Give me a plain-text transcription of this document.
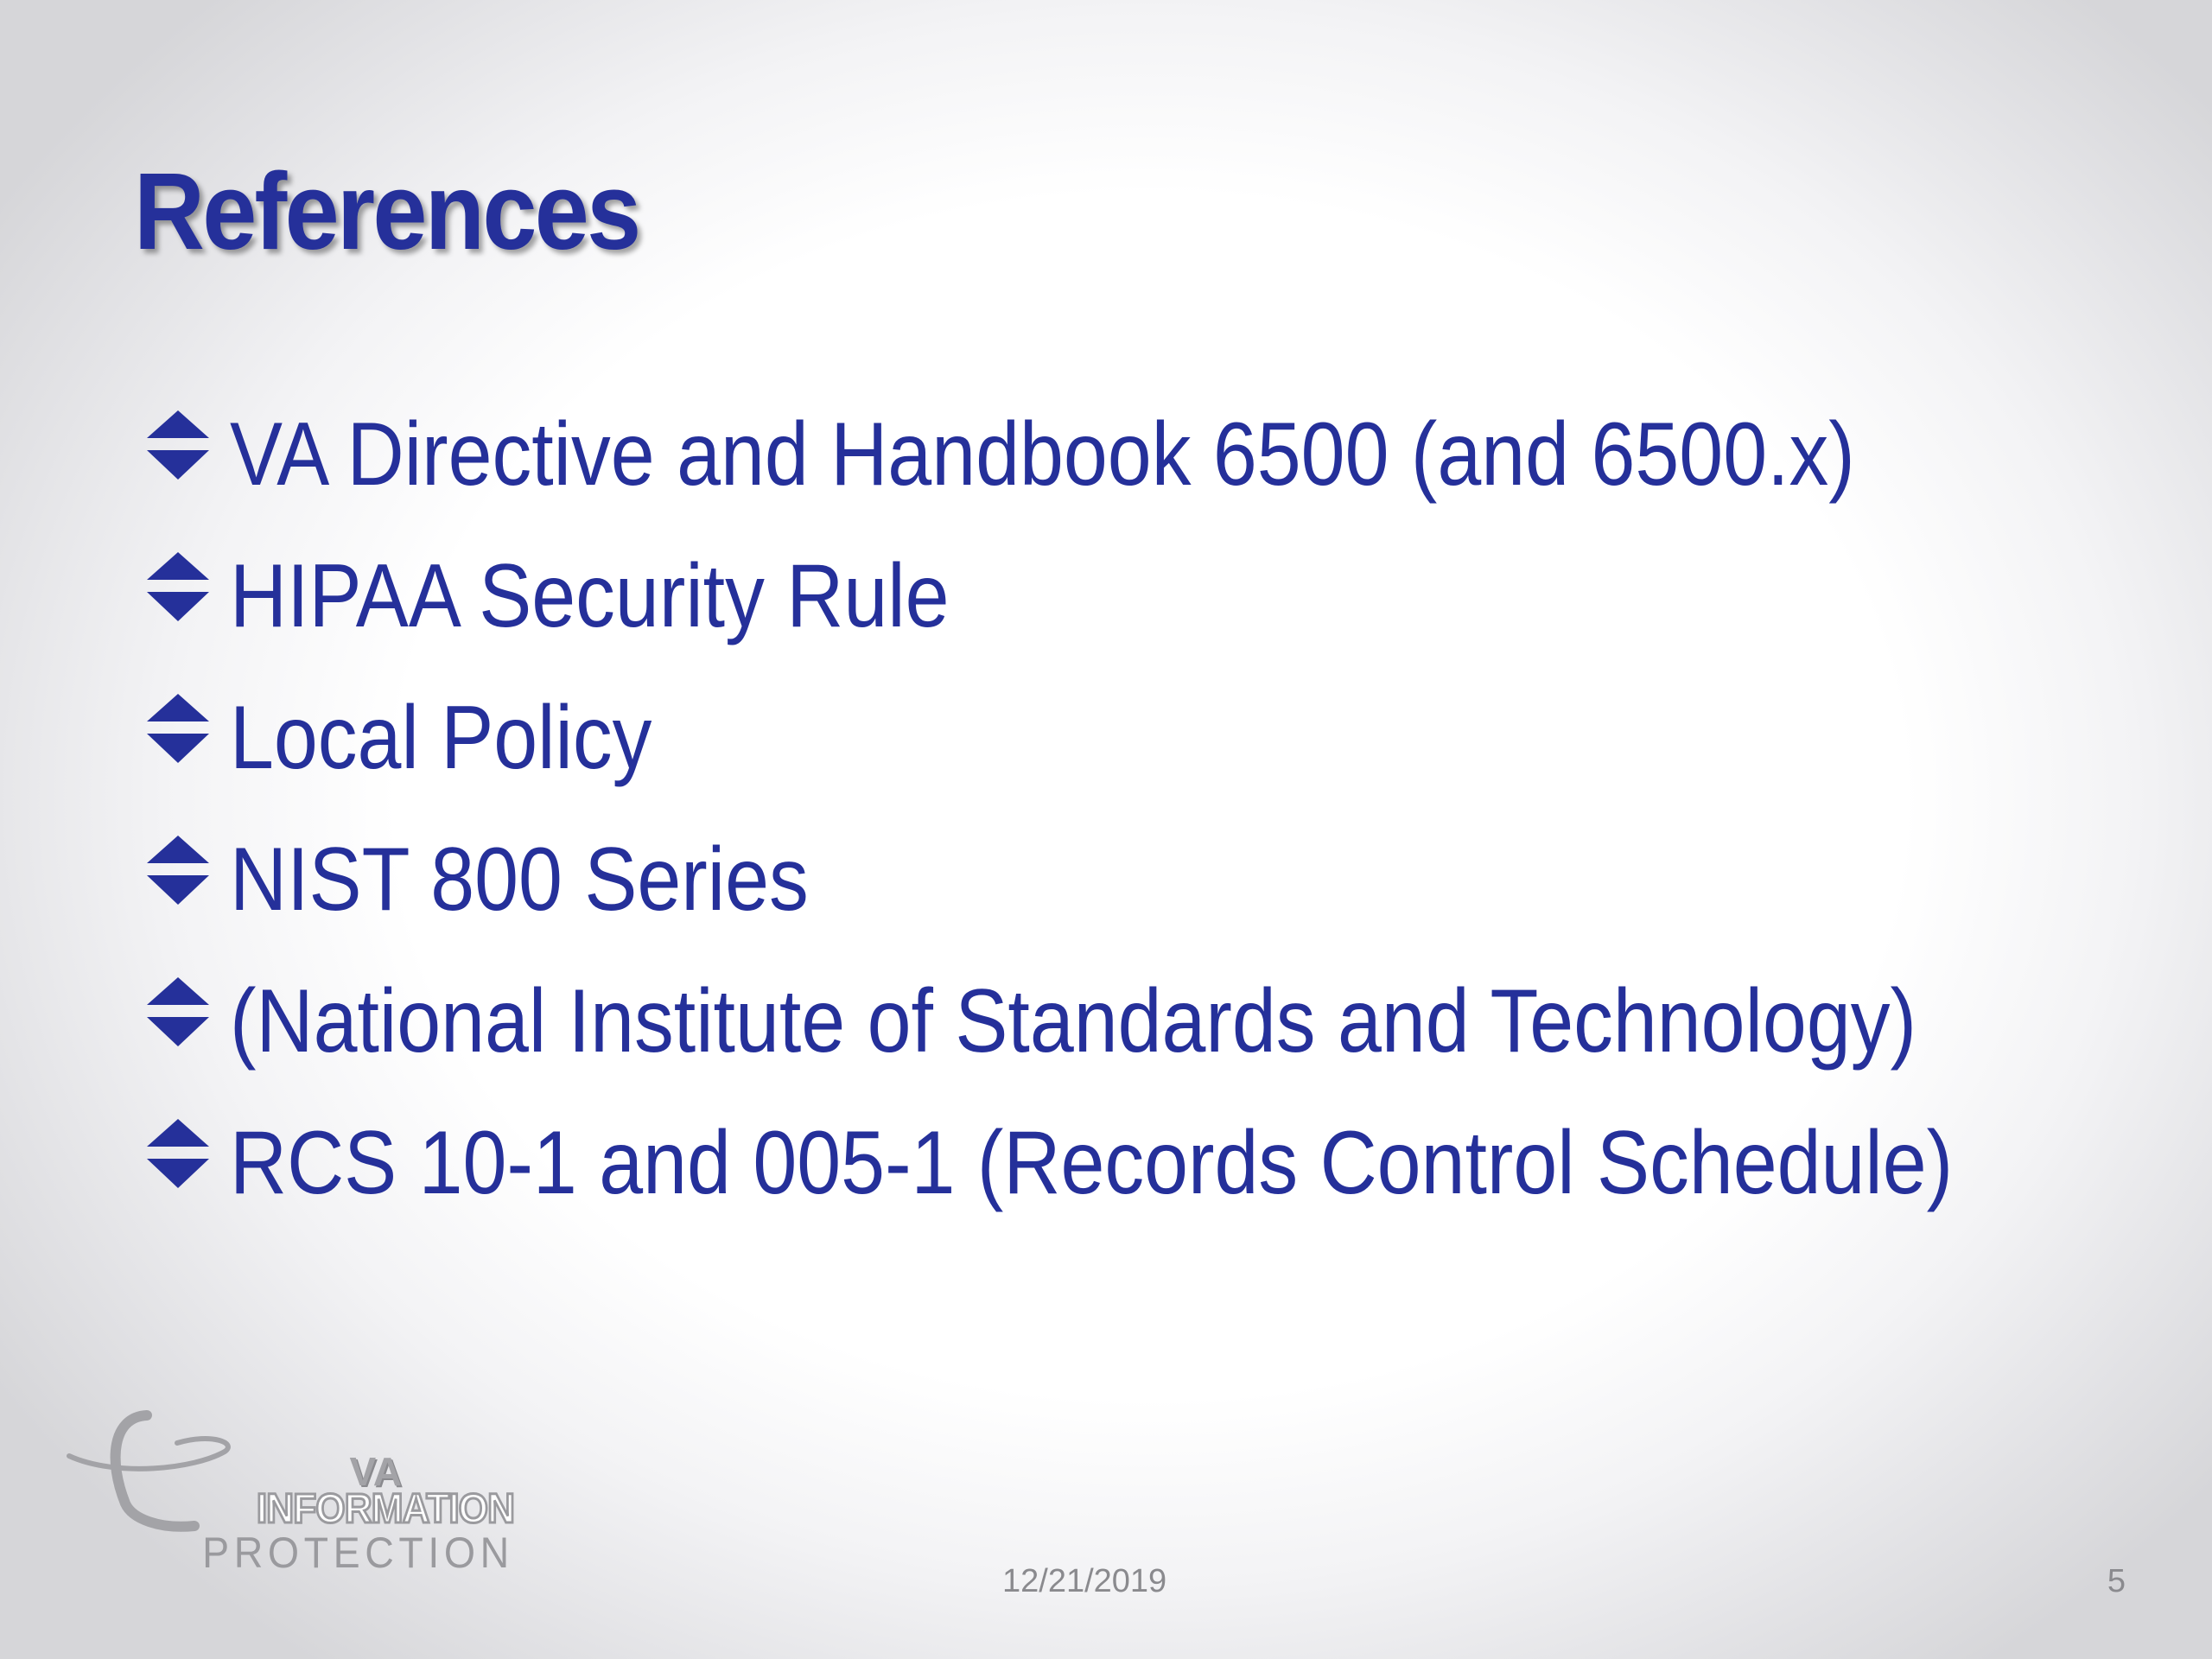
References
VA Directive and Handbook 6500 (and 6500.x)
HIPAA Security Rule
Local Policy
NIST 800 Series
(National Institute of Standards and Technology)
RCS 10-1 and 005-1 (Records Control Schedule)
VA
INFORMATION
PROTECTION
12/21/2019	5
